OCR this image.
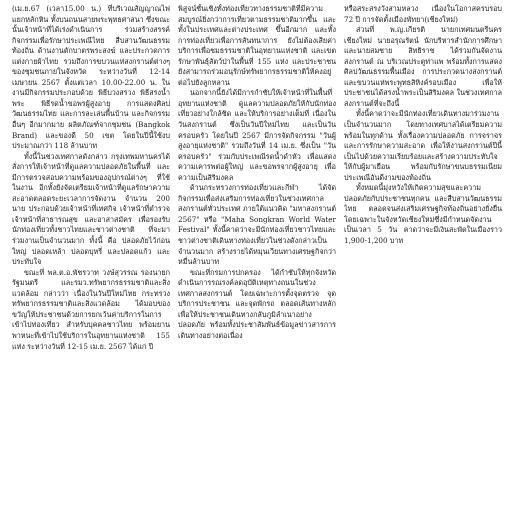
(เม.ย.67 (เวลา15.00 น.) ที่บริเวณสัญญาณไฟแยกหลักหิน ทั้งบนถนนสายพระพุทธศาสนา ซึ่งขณะนั้นเจ้าหน้าที่ได้เร่งดำเนินการ ร่วมสร้างสรรค์ กิจกรรมเพื่อรักษาประเพณีไทย สืบสานวัฒนธรรมท้องถิ่น ด้านงานตักบาตรพระสงฆ์ และประกวดการแต่งกายผ้าไทย รวมถึงการขบวนแห่สงกรานต์ต่างๆ ของชุมชนภายในจังหวัด ระหว่างวันที่ 12-14 เมษายน 2567 ตั้งแต่เวลา 10.00-22.00 น. ในงานมีกิจกรรมประกอบด้วย พิธีบวงสรวง พิธีสรงน้ำพระ พิธีรดน้ำขอพรผู้สูงอายุ การแสดงศิลปวัฒนธรรมไทย และการละเล่นพื้นบ้าน และกิจกรรมอื่นๆ อีกมากมาย ผลิตภัณฑ์จากชุมชน (Bangkok Brand) และของดี 50 เขต โดยในปีนี้ใช้งบประมาณกว่า 118 ล้านบาท

ทั้งนี้ในช่วงเทศกาลดังกล่าว กรุงเทพมหานครได้สั่งการให้เจ้าหน้าที่ดูแลความปลอดภัยในพื้นที่ และมีการตรวจสอบความพร้อมของอุปกรณ์ต่างๆ ที่ใช้ในงาน อีกทั้งยังจัดเตรียมเจ้าหน้าที่ดูแลรักษาความสะอาดตลอดระยะเวลาการจัดงาน จำนวน 200 นาย ประกอบด้วยเจ้าหน้าที่เทศกิจ เจ้าหน้าที่ตำรวจ เจ้าหน้าที่สาธารณสุข และอาสาสมัคร เพื่อรองรับนักท่องเที่ยวทั้งชาวไทยและชาวต่างชาติ ที่จะมาร่วมงานเป็นจำนวนมาก ทั้งนี้ คือ ปลอดภัยไว้ก่อน ใหญ่ ปลอดเหล้า ปลอดบุหรี่ และปลอดแก้ว และประทับใจ

ขณะที่ พล.ต.อ.พัชรวาท วงษ์สุวรรณ รองนายกรัฐมนตรี และรมว.ทรัพยากรธรรมชาติและสิ่งแวดล้อม กล่าวว่า เนื่องในวันปีใหม่ไทย กระทรวงทรัพยากรธรรมชาติและสิ่งแวดล้อม ได้มอบของขวัญให้ประชาชนด้วยการยกเว้นค่าบริการในการเข้าไปท่องเที่ยว สำหรับบุคคลชาวไทย พร้อมยานพาหนะที่เข้าไปใช้บริการในอุทยานแห่งชาติ 155 แห่ง ระหว่างวันที่ 12-15 เม.ย. 2567 ได้แก่ ปี

พิสูจน์ชั้นเชิงทั้งท่องเที่ยวทางธรรมชาติที่มีความสมบูรณ์ยิ่งกว่าการเที่ยวตามธรรมชาติมากขึ้น และทั้งในประเทศและต่างประเทศ ขึ้นอีกมาก และทั้งการท่องเที่ยวเพื่อการสันทนาการ ยังไม่ต้องเสียค่าบริการเพื่อชมธรรมชาติในอุทยานแห่งชาติ และเขตรักษาพันธุ์สัตว์ป่าในพื้นที่ 155 แห่ง และประชาชนยังสามารถร่วมอนุรักษ์ทรัพยากรธรรมชาติให้คงอยู่ต่อไปยังลูกหลาน

นอกจากนี้ยังได้มีการกำชับให้เจ้าหน้าที่ในพื้นที่อุทยานแห่งชาติ ดูแลความปลอดภัยให้กับนักท่องเที่ยวอย่างใกล้ชิด และให้บริการอย่างเต็มที่ เนื่องในวันสงกรานต์ ซึ่งเป็นวันปีใหม่ไทย และเป็นวันครอบครัว โดยในปี 2567 มีการจัดกิจกรรม "วันผู้สูงอายุแห่งชาติ" รวมถึงวันที่ 14 เม.ย. ซึ่งเป็น "วันครอบครัว" ร่วมกับประเพณีรดน้ำดำหัว เพื่อแสดงความเคารพต่อผู้ใหญ่ และขอพรจากผู้สูงอายุ เพื่อความเป็นสิริมงคล

ด้านกระทรวงการท่องเที่ยวและกีฬา ได้จัดกิจกรรมเพื่อส่งเสริมการท่องเที่ยวในช่วงเทศกาลสงกรานต์ทั่วประเทศ ภายใต้แนวคิด "มหาสงกรานต์ 2567" หรือ "Maha Songkran World Water Festival" ทั้งนี้คาดว่าจะมีนักท่องเที่ยวชาวไทยและชาวต่างชาติเดินทางท่องเที่ยวในช่วงดังกล่าวเป็นจำนวนมาก สร้างรายได้หมุนเวียนทางเศรษฐกิจกว่าหมื่นล้านบาท

ขณะที่กรมการปกครอง ได้กำชับให้ทุกจังหวัดดำเนินการรณรงค์ลดอุบัติเหตุทางถนนในช่วงเทศกาลสงกรานต์ โดยเฉพาะการตั้งจุดตรวจ จุดบริการประชาชน และจุดพักรถ ตลอดเส้นทางหลัก เพื่อให้ประชาชนเดินทางกลับภูมิลำเนาอย่างปลอดภัย พร้อมทั้งประชาสัมพันธ์ข้อมูลข่าวสารการเดินทางอย่างต่อเนื่อง

หรือสระสรงวังสามหลวง เนื่องในโอกาสครบรอบ 72 ปี การจัดตั้งเมืองพัทยา(เชียงใหม่)

ส่วนที่ พ.ญ.เกียรติ นายกเทศมนตรีนครเชียงใหม่ นายอรุณรัตน์ นักบริหารสำนักการศึกษา และนายสมชาย สิทธิราช ได้ร่วมกันจัดงานสงกรานต์ ณ บริเวณประตูท่าแพ พร้อมทั้งการแสดงศิลปวัฒนธรรมพื้นเมือง การประกวดนางสงกรานต์ และขบวนแห่พระพุทธสิหิงค์รอบเมือง เพื่อให้ประชาชนได้สรงน้ำพระเป็นสิริมงคล ในช่วงเทศกาลสงกรานต์ที่จะถึงนี้

ทั้งนี้คาดว่าจะมีนักท่องเที่ยวเดินทางมาร่วมงานเป็นจำนวนมาก โดยทางเทศบาลได้เตรียมความพร้อมในทุกด้าน ทั้งเรื่องความปลอดภัย การจราจร และการรักษาความสะอาด เพื่อให้งานสงกรานต์ปีนี้เป็นไปด้วยความเรียบร้อยและสร้างความประทับใจ ให้กับผู้มาเยือน พร้อมกับรักษาขนบธรรมเนียมประเพณีอันดีงามของท้องถิ่น

ทั้งหมดนี้มุ่งหวังให้เกิดความสุขและความปลอดภัยกับประชาชนทุกคน และสืบสานวัฒนธรรมไทย ตลอดจนส่งเสริมเศรษฐกิจท้องถิ่นอย่างยั่งยืน โดยเฉพาะในจังหวัดเชียงใหม่ซึ่งมีกำหนดจัดงานเป็นเวลา 5 วัน คาดว่าจะมีเงินสะพัดในเมืองราว 1,900-1,200 บาท
